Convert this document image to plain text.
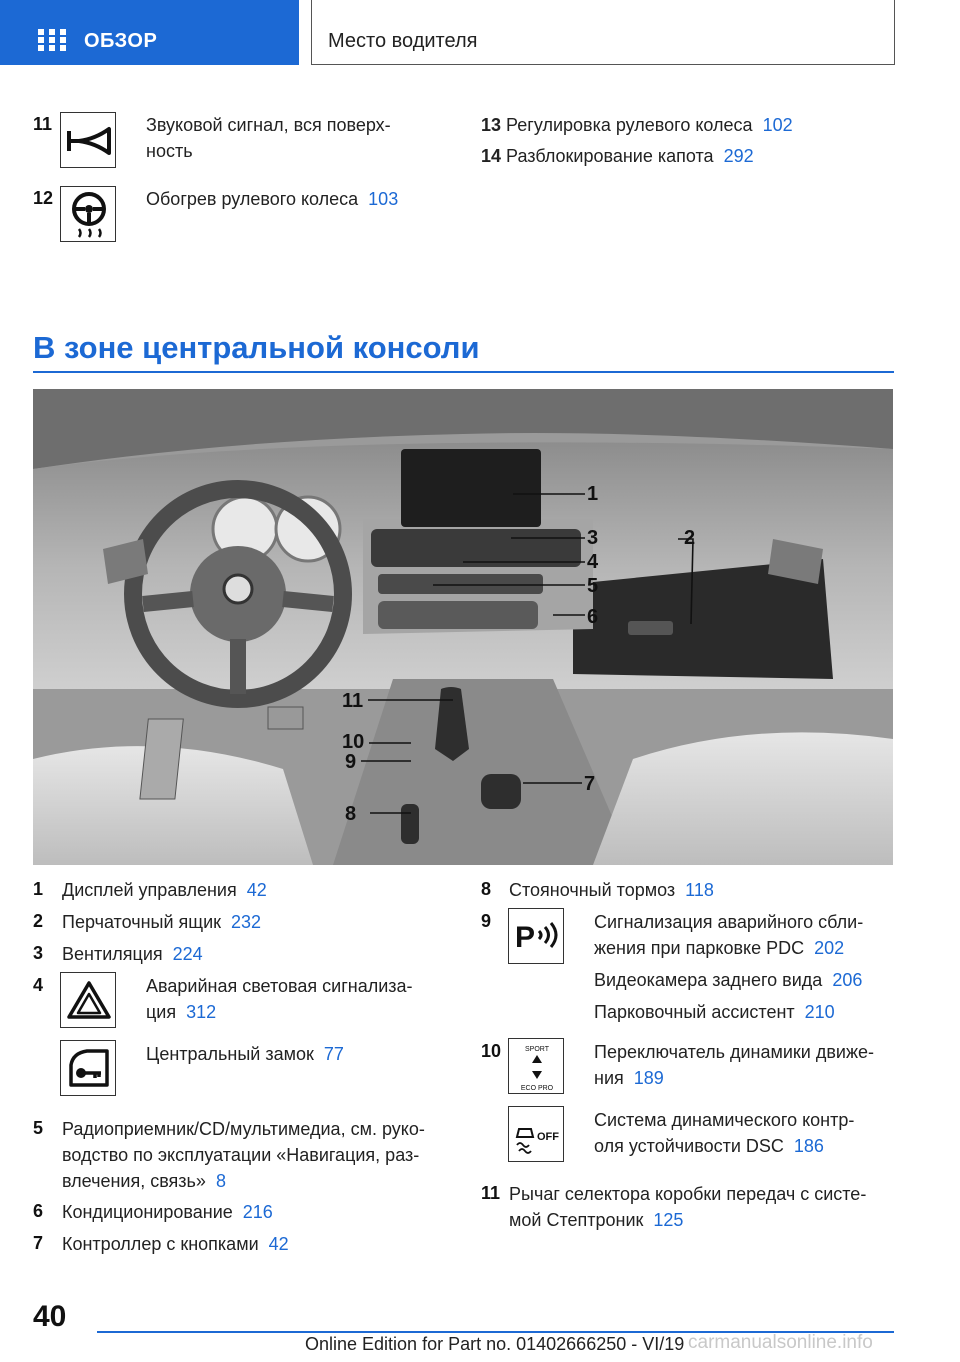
ОБЗОР	Место водителя
11	Звуковой сигнал, вся поверх-
ность
12	Обогрев рулевого колеса 103
13 Регулировка рулевого колеса 102
14 Разблокирование капота 292
В зоне центральной консоли
1
2
3
4
5
6
7
8
9
10
11
1 Дисплей управления 42
2 Перчаточный ящик 232
3 Вентиляция 224
4	Аварийная световая сигнализа-
ция 312
Центральный замок 77
5 Радиоприемник/CD/мультимедиа, см. руко-
водство по эксплуатации «Навигация, раз-
влечения, связь» 8
6 Кондиционирование 216
7 Контроллер с кнопками 42
8 Стояночный тормоз 118
9 P	Сигнализация аварийного сбли-
жения при парковке PDC 202
Видеокамера заднего вида 206
Парковочный ассистент 210
10	SPORT
ECO PRO
Переключатель динамики движе-
ния 189
OFF
Система динамического контр-
оля устойчивости DSC 186
11 Рычаг селектора коробки передач с систе-
мой Стептроник 125
40
Online Edition for Part no. 01402666250 - VI/19 carmanualsonline.info
